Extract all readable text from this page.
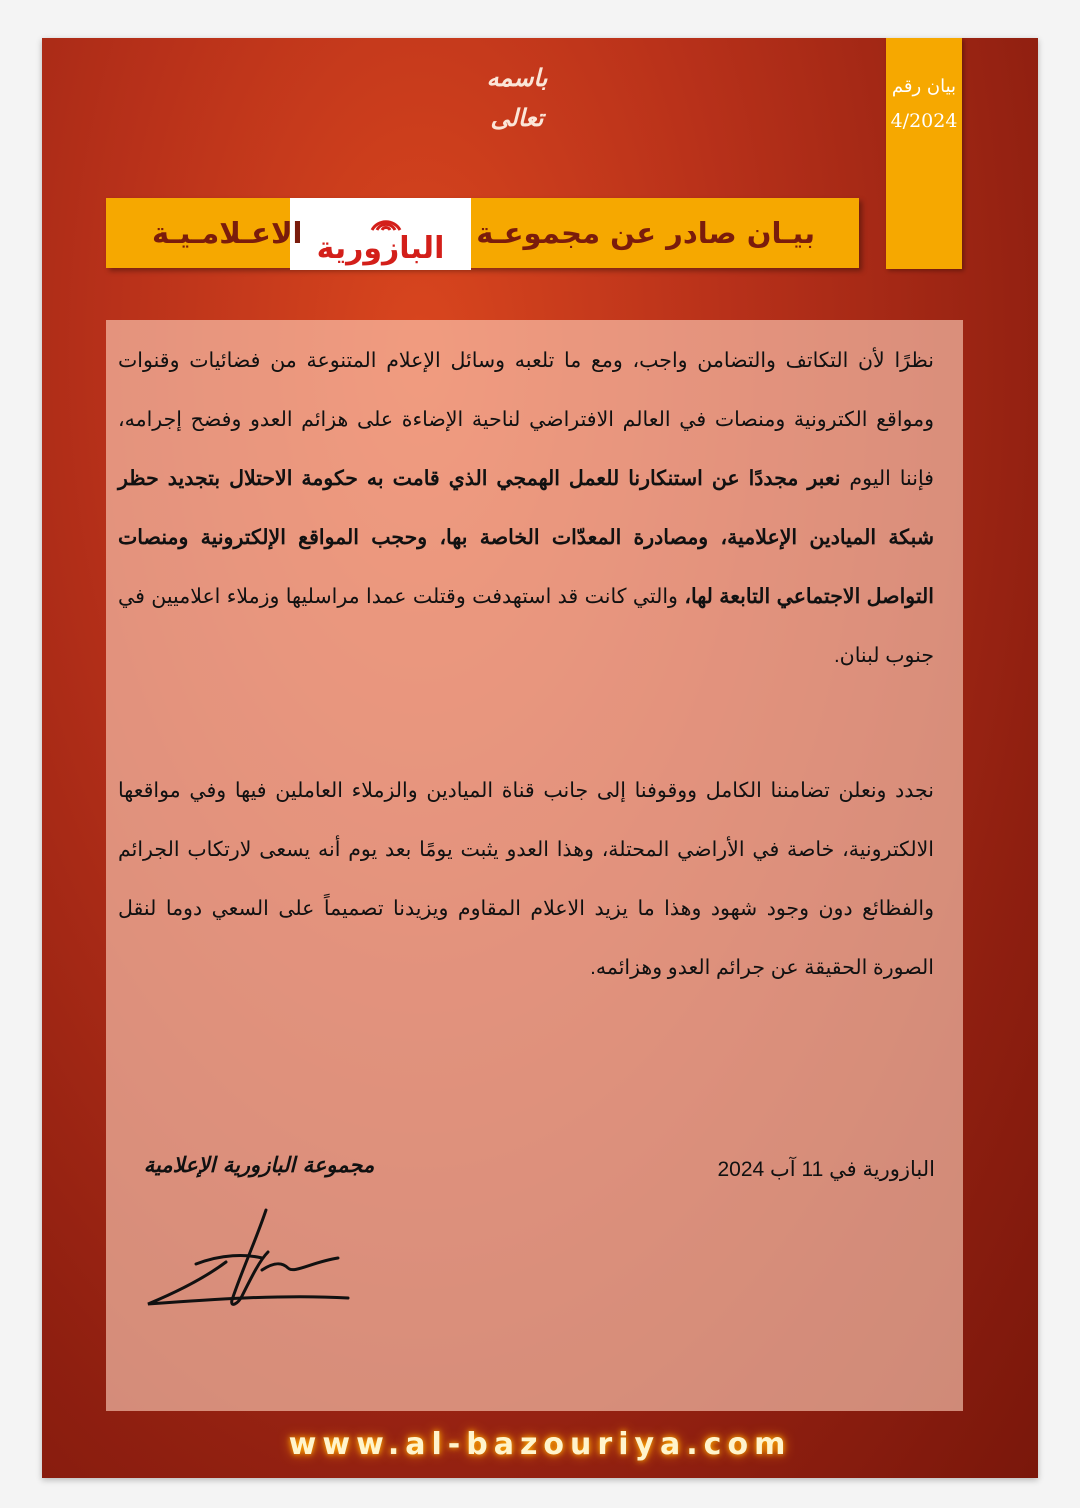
باسمه تعالى
بيان رقم
4/2024
بيـان صادر عن مجموعـة
البازورية
الاعـلامـيـة
نظرًا لأن التكاتف والتضامن واجب، ومع ما تلعبه وسائل الإعلام المتنوعة من فضائيات وقنوات ومواقع الكترونية ومنصات في العالم الافتراضي لناحية الإضاءة على هزائم العدو وفضح إجرامه، فإننا اليوم نعبر مجددًا عن استنكارنا للعمل الهمجي الذي قامت به حكومة الاحتلال بتجديد حظر شبكة الميادين الإعلامية، ومصادرة المعدّات الخاصة بها، وحجب المواقع الإلكترونية ومنصات التواصل الاجتماعي التابعة لها، والتي كانت قد استهدفت وقتلت عمدا مراسليها وزملاء اعلاميين في جنوب لبنان.
نجدد ونعلن تضامننا الكامل ووقوفنا إلى جانب قناة الميادين والزملاء العاملين فيها وفي مواقعها الالكترونية، خاصة في الأراضي المحتلة، وهذا العدو يثبت يومًا بعد يوم أنه يسعى لارتكاب الجرائم والفظائع دون وجود شهود وهذا ما يزيد الاعلام المقاوم ويزيدنا تصميماً على السعي دوما لنقل الصورة الحقيقة عن جرائم العدو وهزائمه.
البازورية في 11 آب 2024
مجموعة البازورية الإعلامية
www.al-bazouriya.com
